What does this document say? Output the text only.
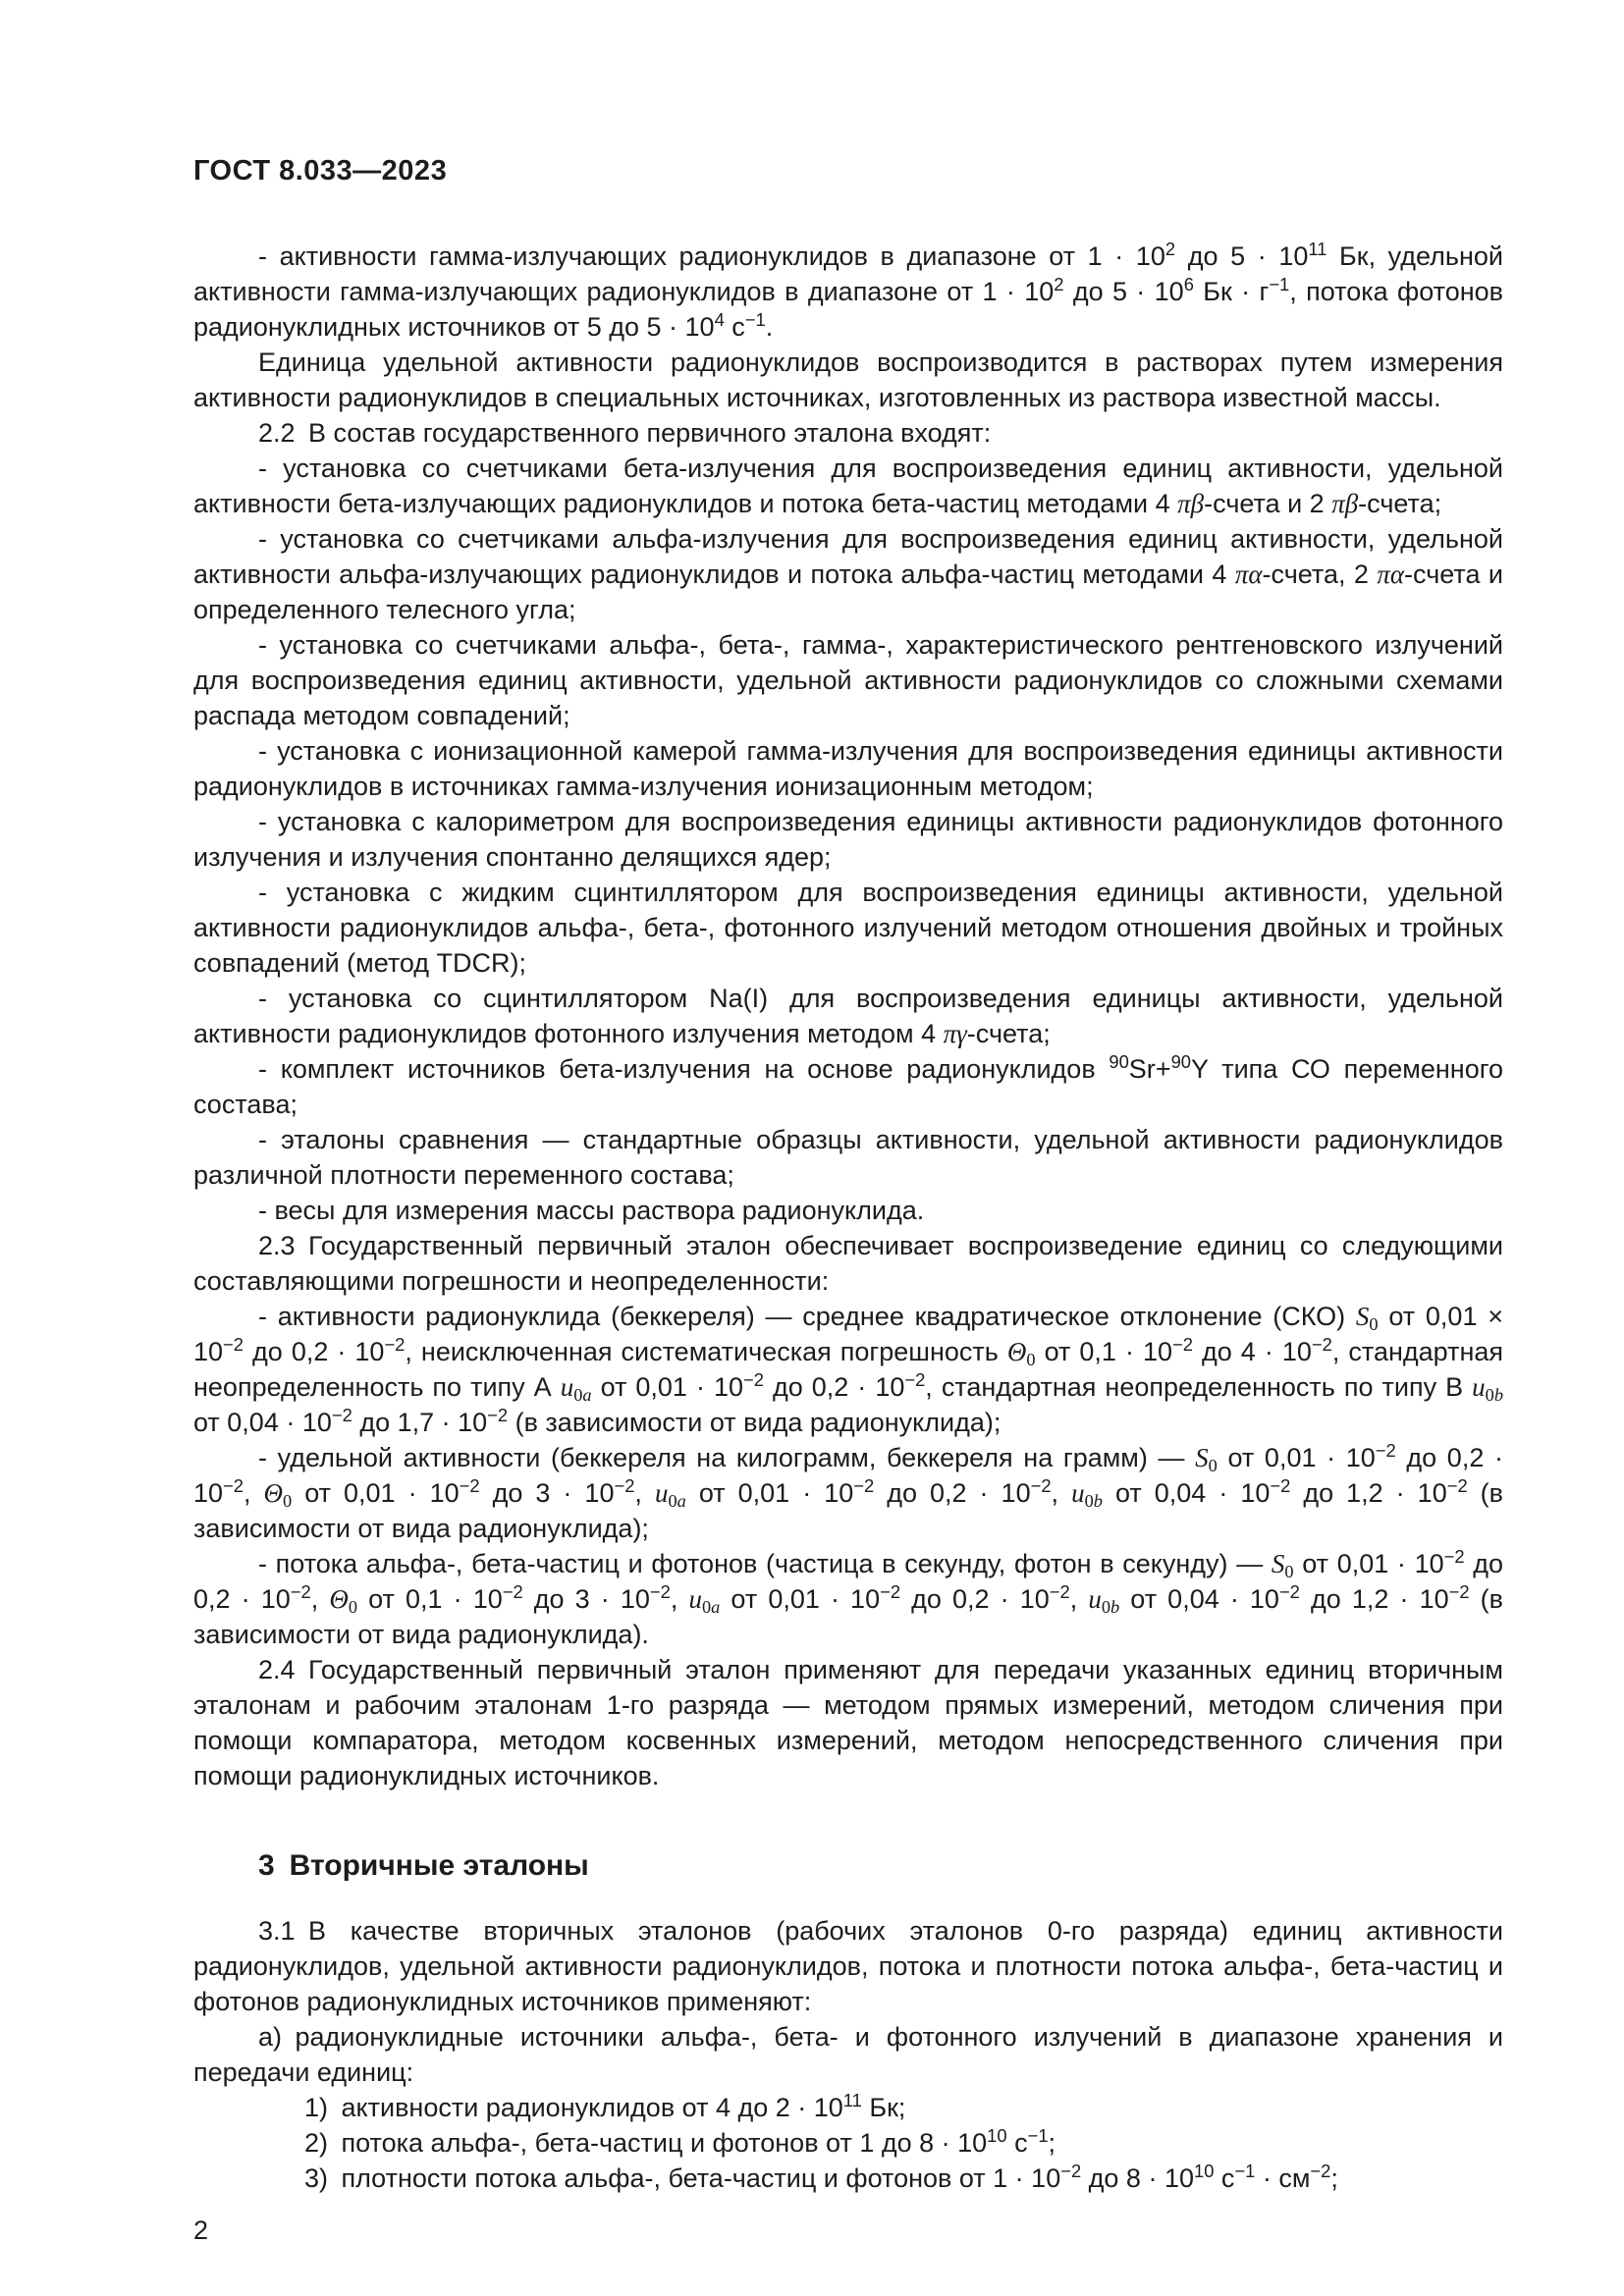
ГОСТ 8.033—2023

- активности гамма-излучающих радионуклидов в диапазоне от $1 \cdot 10^2$ до $5 \cdot 10^{11}$ Бк, удельной активности гамма-излучающих радионуклидов в диапазоне от $1 \cdot 10^2$ до $5 \cdot 10^6$ Бк · $г^{-1}$, потока фотонов радионуклидных источников от 5 до $5 \cdot 10^4$ $с^{-1}$.

Единица удельной активности радионуклидов воспроизводится в растворах путем измерения активности радионуклидов в специальных источниках, изготовленных из раствора известной массы.

2.2 В состав государственного первичного эталона входят:

- установка со счетчиками бета-излучения для воспроизведения единиц активности, удельной активности бета-излучающих радионуклидов и потока бета-частиц методами 4 πβ-счета и 2 πβ-счета;

- установка со счетчиками альфа-излучения для воспроизведения единиц активности, удельной активности альфа-излучающих радионуклидов и потока альфа-частиц методами 4 πα-счета, 2 πα-счета и определенного телесного угла;

- установка со счетчиками альфа-, бета-, гамма-, характеристического рентгеновского излучений для воспроизведения единиц активности, удельной активности радионуклидов со сложными схемами распада методом совпадений;

- установка с ионизационной камерой гамма-излучения для воспроизведения единицы активности радионуклидов в источниках гамма-излучения ионизационным методом;

- установка с калориметром для воспроизведения единицы активности радионуклидов фотонного излучения и излучения спонтанно делящихся ядер;

- установка с жидким сцинтиллятором для воспроизведения единицы активности, удельной активности радионуклидов альфа-, бета-, фотонного излучений методом отношения двойных и тройных совпадений (метод TDCR);

- установка со сцинтиллятором Na(I) для воспроизведения единицы активности, удельной активности радионуклидов фотонного излучения методом 4 πγ-счета;

- комплект источников бета-излучения на основе радионуклидов $^{90}$Sr+$^{90}$Y типа СО переменного состава;

- эталоны сравнения — стандартные образцы активности, удельной активности радионуклидов различной плотности переменного состава;

- весы для измерения массы раствора радионуклида.

2.3 Государственный первичный эталон обеспечивает воспроизведение единиц со следующими составляющими погрешности и неопределенности:

- активности радионуклида (беккереля) — среднее квадратическое отклонение (СКО) $S_0$ от $0,01 \times 10^{-2}$ до $0,2 \cdot 10^{-2}$, неисключенная систематическая погрешность $\Theta_0$ от $0,1 \cdot 10^{-2}$ до $4 \cdot 10^{-2}$, стандартная неопределенность по типу А $u_{0a}$ от $0,01 \cdot 10^{-2}$ до $0,2 \cdot 10^{-2}$, стандартная неопределенность по типу В $u_{0b}$ от $0,04 \cdot 10^{-2}$ до $1,7 \cdot 10^{-2}$ (в зависимости от вида радионуклида);

- удельной активности (беккереля на килограмм, беккереля на грамм) — $S_0$ от $0,01 \cdot 10^{-2}$ до $0,2 \cdot 10^{-2}$, $\Theta_0$ от $0,01 \cdot 10^{-2}$ до $3 \cdot 10^{-2}$, $u_{0a}$ от $0,01 \cdot 10^{-2}$ до $0,2 \cdot 10^{-2}$, $u_{0b}$ от $0,04 \cdot 10^{-2}$ до $1,2 \cdot 10^{-2}$ (в зависимости от вида радионуклида);

- потока альфа-, бета-частиц и фотонов (частица в секунду, фотон в секунду) — $S_0$ от $0,01 \cdot 10^{-2}$ до $0,2 \cdot 10^{-2}$, $\Theta_0$ от $0,1 \cdot 10^{-2}$ до $3 \cdot 10^{-2}$, $u_{0a}$ от $0,01 \cdot 10^{-2}$ до $0,2 \cdot 10^{-2}$, $u_{0b}$ от $0,04 \cdot 10^{-2}$ до $1,2 \cdot 10^{-2}$ (в зависимости от вида радионуклида).

2.4 Государственный первичный эталон применяют для передачи указанных единиц вторичным эталонам и рабочим эталонам 1-го разряда — методом прямых измерений, методом сличения при помощи компаратора, методом косвенных измерений, методом непосредственного сличения при помощи радионуклидных источников.

3 Вторичные эталоны

3.1 В качестве вторичных эталонов (рабочих эталонов 0-го разряда) единиц активности радионуклидов, удельной активности радионуклидов, потока и плотности потока альфа-, бета-частиц и фотонов радионуклидных источников применяют:

а) радионуклидные источники альфа-, бета- и фотонного излучений в диапазоне хранения и передачи единиц:

1) активности радионуклидов от 4 до $2 \cdot 10^{11}$ Бк;

2) потока альфа-, бета-частиц и фотонов от 1 до $8 \cdot 10^{10}$ $с^{-1}$;

3) плотности потока альфа-, бета-частиц и фотонов от $1 \cdot 10^{-2}$ до $8 \cdot 10^{10}$ $с^{-1} \cdot см^{-2}$;

2
